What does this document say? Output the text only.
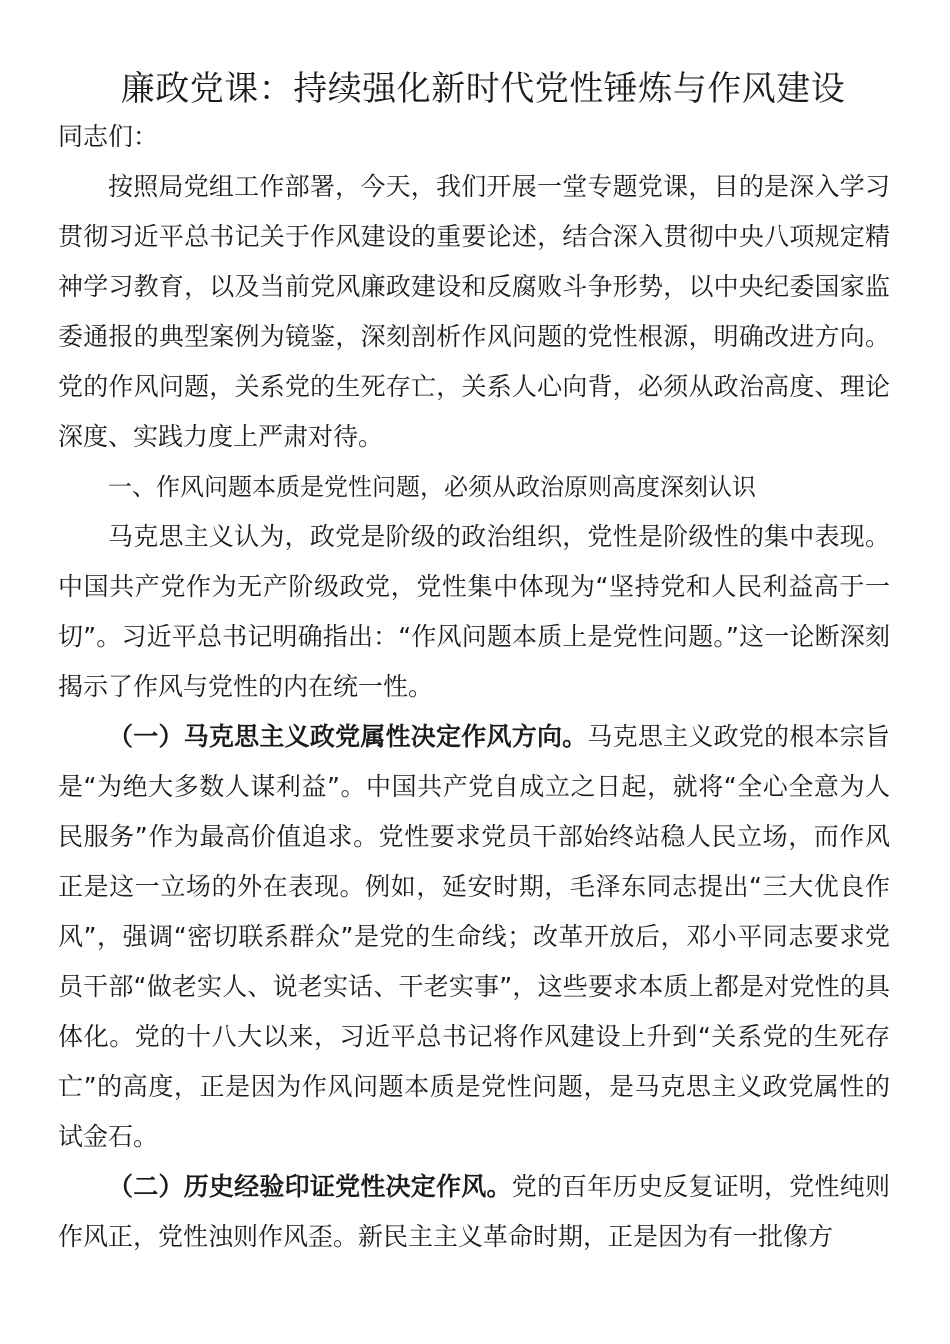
廉政党课：持续强化新时代党性锤炼与作风建设

同志们：

按照局党组工作部署，今天，我们开展一堂专题党课，目的是深入学习贯彻习近平总书记关于作风建设的重要论述，结合深入贯彻中央八项规定精神学习教育，以及当前党风廉政建设和反腐败斗争形势，以中央纪委国家监委通报的典型案例为镜鉴，深刻剖析作风问题的党性根源，明确改进方向。党的作风问题，关系党的生死存亡，关系人心向背，必须从政治高度、理论深度、实践力度上严肃对待。

一、作风问题本质是党性问题，必须从政治原则高度深刻认识

马克思主义认为，政党是阶级的政治组织，党性是阶级性的集中表现。中国共产党作为无产阶级政党，党性集中体现为“坚持党和人民利益高于一切”。习近平总书记明确指出：“作风问题本质上是党性问题。”这一论断深刻揭示了作风与党性的内在统一性。

（一）马克思主义政党属性决定作风方向。马克思主义政党的根本宗旨是“为绝大多数人谋利益”。中国共产党自成立之日起，就将“全心全意为人民服务”作为最高价值追求。党性要求党员干部始终站稳人民立场，而作风正是这一立场的外在表现。例如，延安时期，毛泽东同志提出“三大优良作风”，强调“密切联系群众”是党的生命线；改革开放后，邓小平同志要求党员干部“做老实人、说老实话、干老实事”，这些要求本质上都是对党性的具体化。党的十八大以来，习近平总书记将作风建设上升到“关系党的生死存亡”的高度，正是因为作风问题本质是党性问题，是马克思主义政党属性的试金石。

（二）历史经验印证党性决定作风。党的百年历史反复证明，党性纯则作风正，党性浊则作风歪。新民主主义革命时期，正是因为有一批像方
